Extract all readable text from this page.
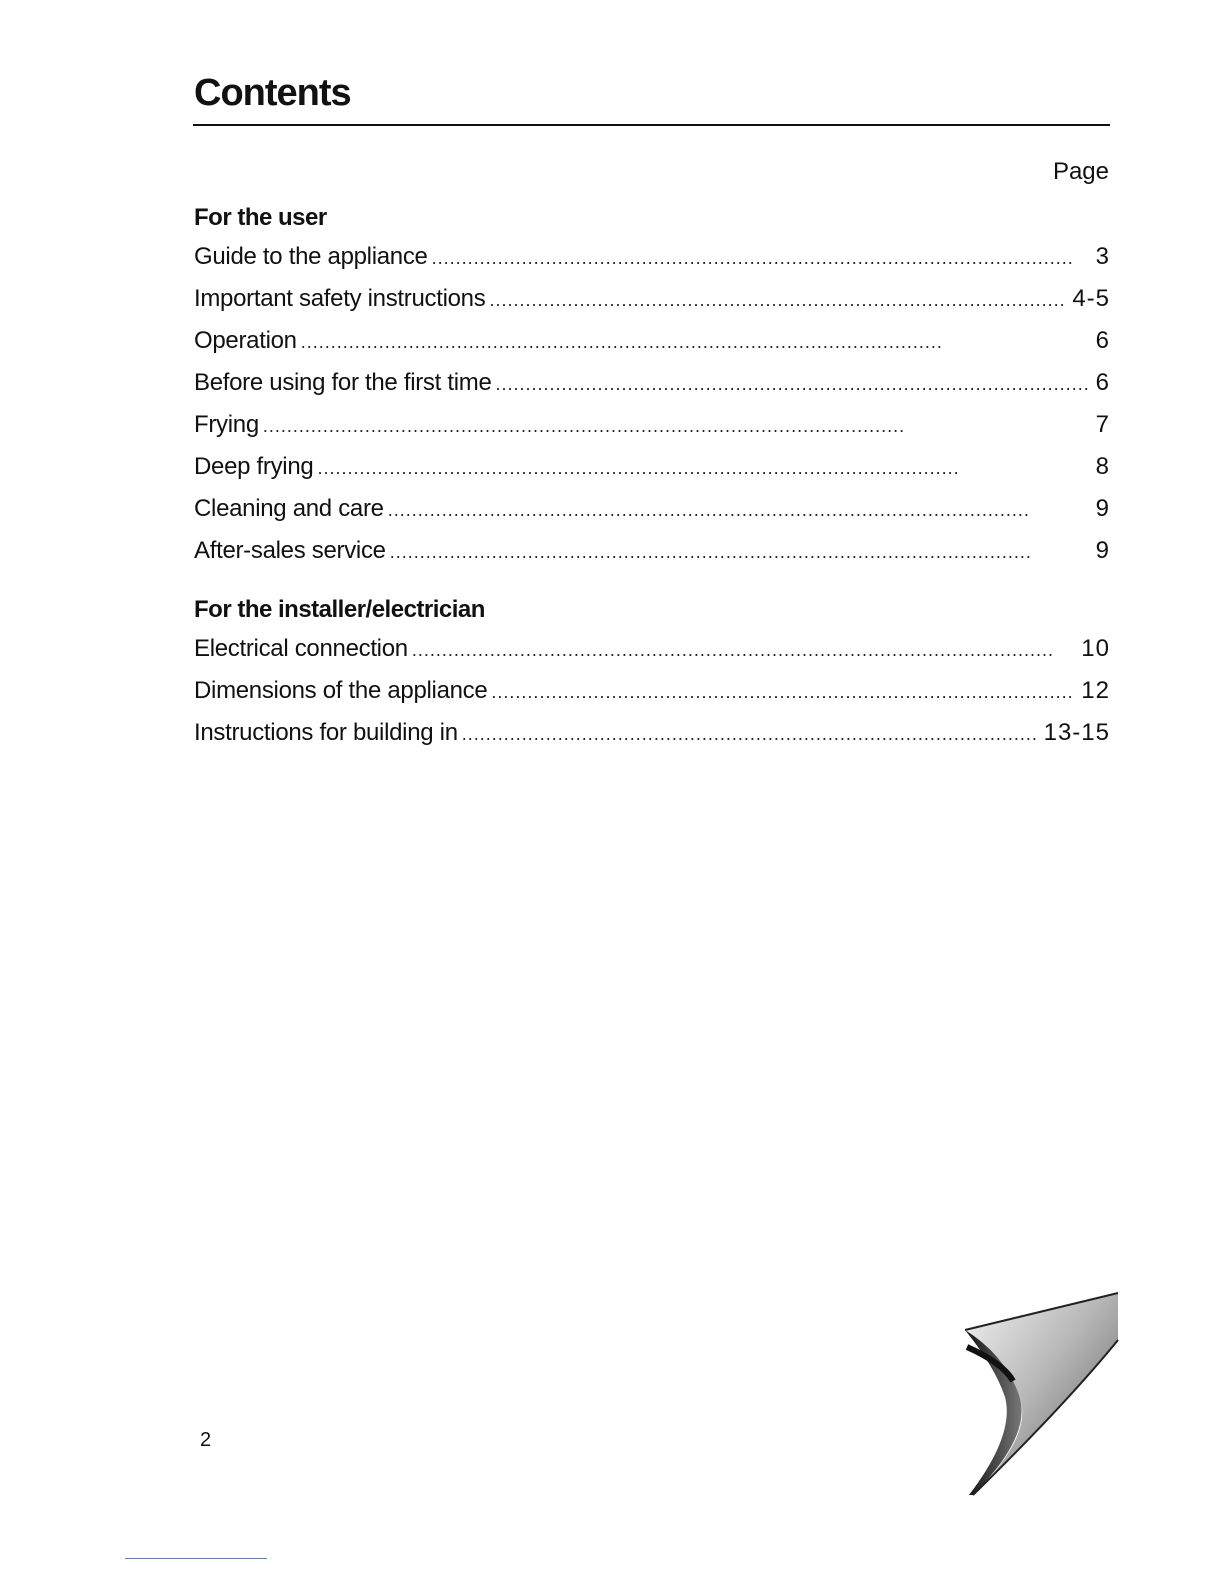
Contents
Page
For the user
Guide to the appliance . . .	3
Important safety instructions . . .	4-5
Operation . . .	6
Before using for the first time . . .	6
Frying . . .	7
Deep frying . . .	8
Cleaning and care . . .	9
After-sales service . . .	9
For the installer/electrician
Electrical connection . . .	10
Dimensions of the appliance . . .	12
Instructions for building in . . .	13-15
2
